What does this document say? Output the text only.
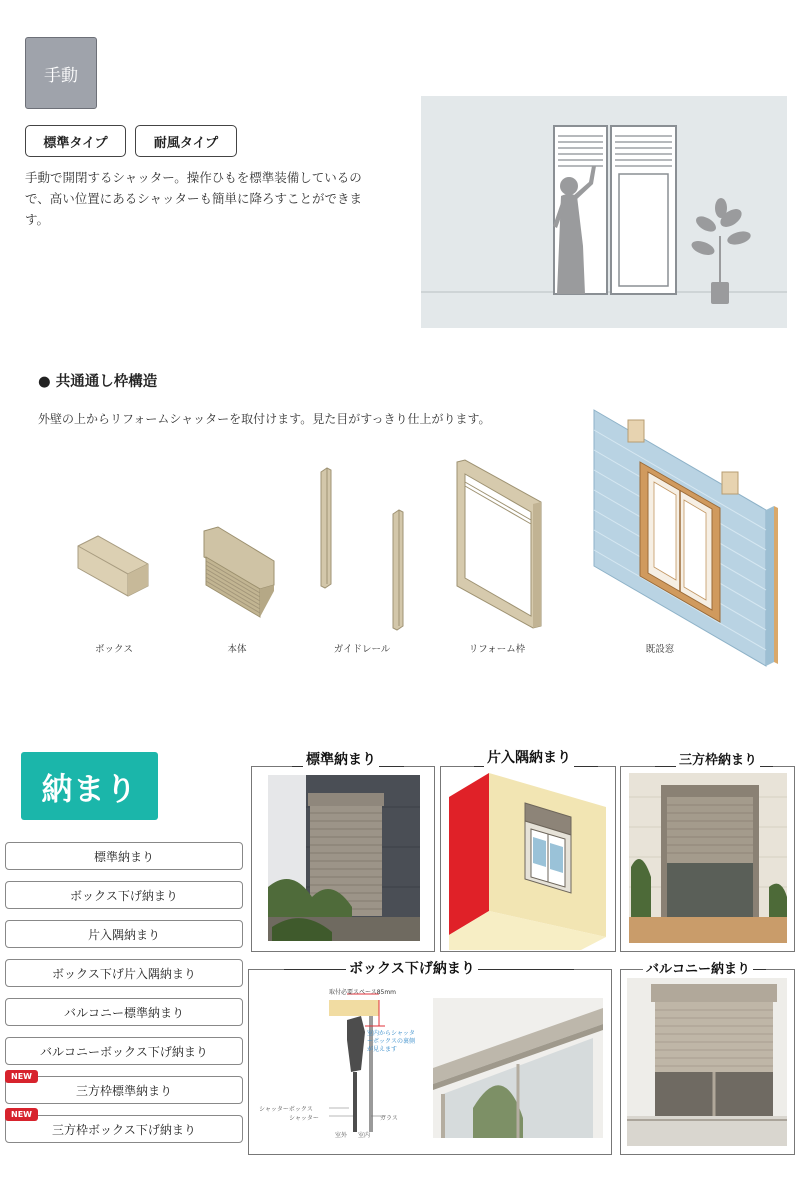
手動
標準タイプ	耐風タイプ
手動で開閉するシャッター。操作ひもを標準装備しているので、高い位置にあるシャッターも簡単に降ろすことができます。
● 共通通し枠構造
外壁の上からリフォームシャッターを取付けます。見た目がすっきり仕上がります。
ボックス	本体	ガイドレール	リフォーム枠	既設窓
納まり
標準納まり
ボックス下げ納まり
片入隅納まり
ボックス下げ片入隅納まり
バルコニー標準納まり
バルコニーボックス下げ納まり
三方枠標準納まり
三方枠ボックス下げ納まり
NEW
NEW
標準納まり	片入隅納まり	三方枠納まり
取付必要スペース85mm
室内からシャッターボックスの裏側が見えます
シャッターボックス
シャッター	ガラス
室外 室内
ボックス下げ納まり	バルコニー納まり
